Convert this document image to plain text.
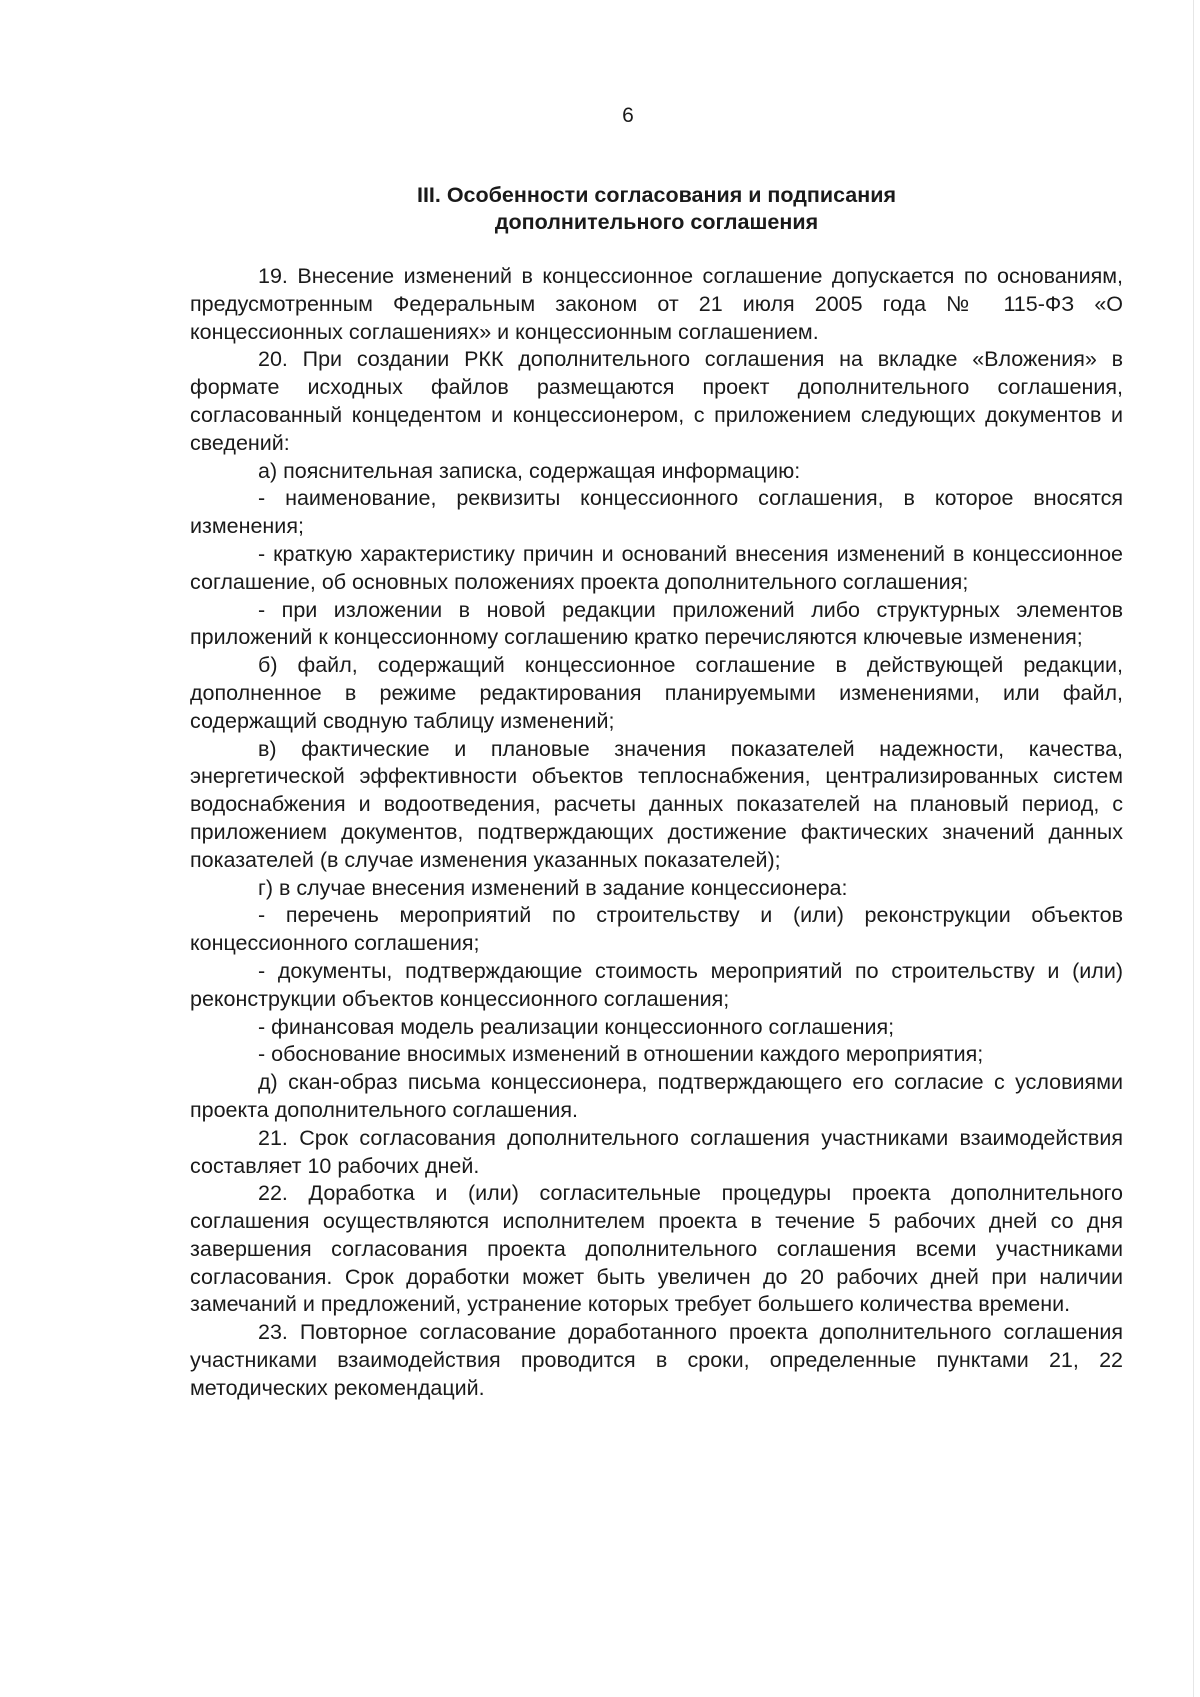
6
III. Особенности согласования и подписания
дополнительного соглашения

19. Внесение изменений в концессионное соглашение допускается по основаниям, предусмотренным Федеральным законом от 21 июля 2005 года № 115-ФЗ «О концессионных соглашениях» и концессионным соглашением.

20. При создании РКК дополнительного соглашения на вкладке «Вложения» в формате исходных файлов размещаются проект дополнительного соглашения, согласованный концедентом и концессионером, с приложением следующих документов и сведений:

а) пояснительная записка, содержащая информацию:

- наименование, реквизиты концессионного соглашения, в которое вносятся изменения;

- краткую характеристику причин и оснований внесения изменений в концессионное соглашение, об основных положениях проекта дополнительного соглашения;

- при изложении в новой редакции приложений либо структурных элементов приложений к концессионному соглашению кратко перечисляются ключевые изменения;

б) файл, содержащий концессионное соглашение в действующей редакции, дополненное в режиме редактирования планируемыми изменениями, или файл, содержащий сводную таблицу изменений;

в) фактические и плановые значения показателей надежности, качества, энергетической эффективности объектов теплоснабжения, централизированных систем водоснабжения и водоотведения, расчеты данных показателей на плановый период, с приложением документов, подтверждающих достижение фактических значений данных показателей (в случае изменения указанных показателей);

г) в случае внесения изменений в задание концессионера:

- перечень мероприятий по строительству и (или) реконструкции объектов концессионного соглашения;

- документы, подтверждающие стоимость мероприятий по строительству и (или) реконструкции объектов концессионного соглашения;

- финансовая модель реализации концессионного соглашения;

- обоснование вносимых изменений в отношении каждого мероприятия;

д) скан-образ письма концессионера, подтверждающего его согласие с условиями проекта дополнительного соглашения.

21. Срок согласования дополнительного соглашения участниками взаимодействия составляет 10 рабочих дней.

22. Доработка и (или) согласительные процедуры проекта дополнительного соглашения осуществляются исполнителем проекта в течение 5 рабочих дней со дня завершения согласования проекта дополнительного соглашения всеми участниками согласования. Срок доработки может быть увеличен до 20 рабочих дней при наличии замечаний и предложений, устранение которых требует большего количества времени.

23. Повторное согласование доработанного проекта дополнительного соглашения участниками взаимодействия проводится в сроки, определенные пунктами 21, 22 методических рекомендаций.
